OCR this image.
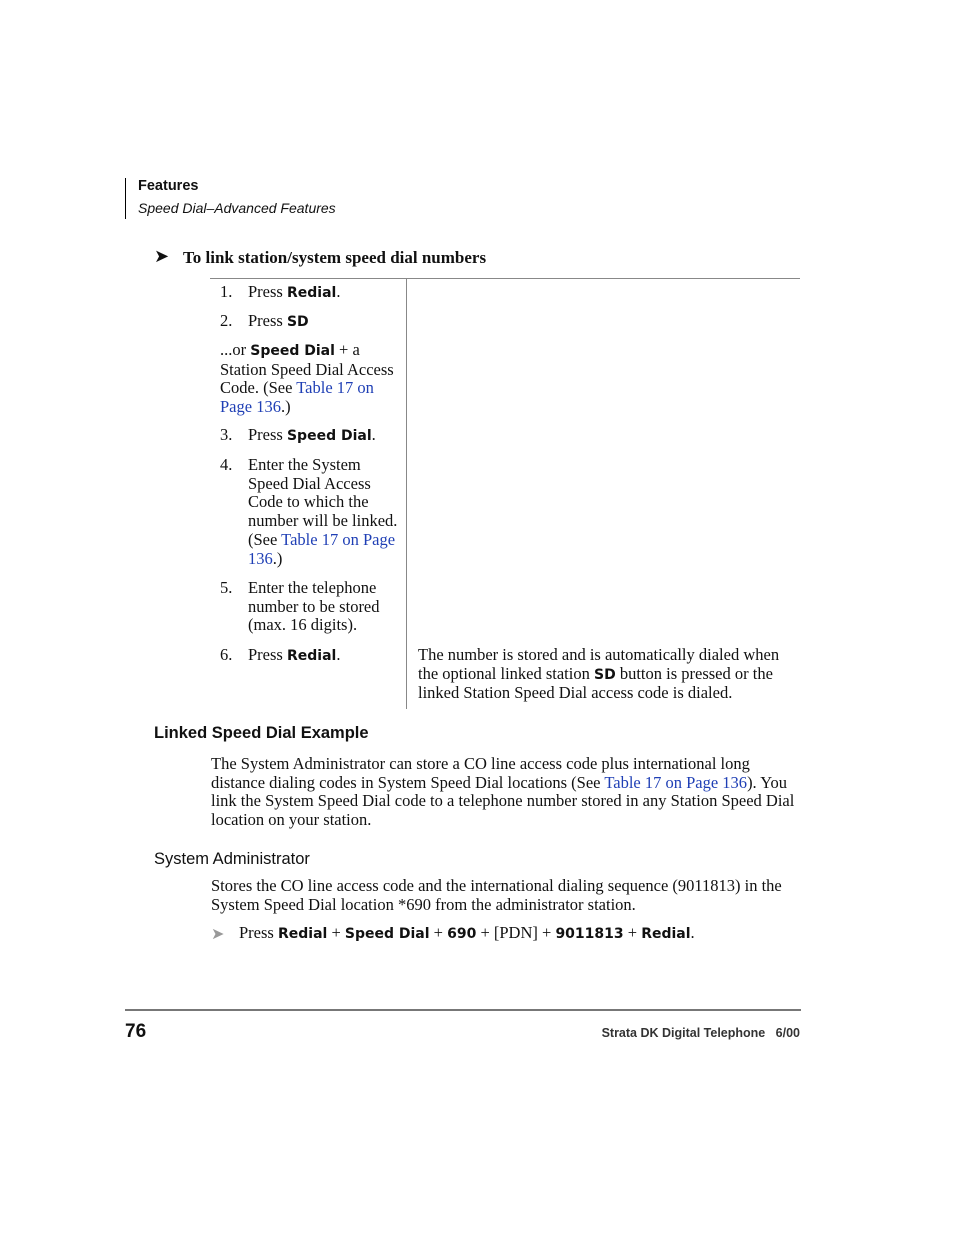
Features
Speed Dial–Advanced Features
➤ To link station/system speed dial numbers
1. Press Redial.
2. Press SD
...or Speed Dial + a Station Speed Dial Access Code. (See Table 17 on Page 136.)
3. Press Speed Dial.
4. Enter the System Speed Dial Access Code to which the number will be linked. (See Table 17 on Page 136.)
5. Enter the telephone number to be stored (max. 16 digits).
6. Press Redial.	The number is stored and is automatically dialed when the optional linked station SD button is pressed or the linked Station Speed Dial access code is dialed.
Linked Speed Dial Example
The System Administrator can store a CO line access code plus international long distance dialing codes in System Speed Dial locations (See Table 17 on Page 136). You link the System Speed Dial code to a telephone number stored in any Station Speed Dial location on your station.
System Administrator
Stores the CO line access code and the international dialing sequence (9011813) in the System Speed Dial location *690 from the administrator station.
➤ Press Redial + Speed Dial + 690 + [PDN] + 9011813 + Redial.
76	Strata DK Digital Telephone   6/00
